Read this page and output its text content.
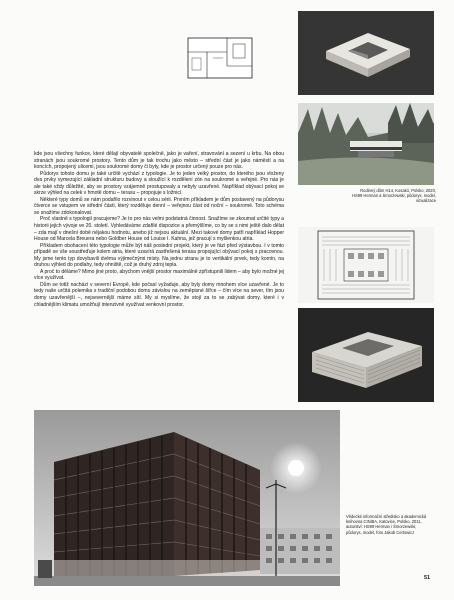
kde jsou všechny funkce, které dělají obyvatelé společně, jako je vaření, stravování a sezení u krbu. Na obou stranách jsou soukromé prostory. Tento dům je tak trochu jako město – střední část je jako náměstí a na koncích, propojený ulicemi, jsou soukromé domy či byty, kde je prostor určený pouze pro nás.

Půdorys tohoto domu je také určitě vychází z typologie. Je to jeden velký prostor, do kterého jsou vloženy dva prvky vymezující základní strukturu budovy a sloužící k rozdělení zón na soukromé a veřejné. Pro nás je ale také vždy důležité, aby se prostory vzájemně prostupovaly a nebyly uzavřené. Například obývací pokoj se skrze výhled na celek v hmotě domu – terasu – propojuje s ložnicí.

Některé typy domů se nám podařilo rozvinout v celou sérii. Prvním příkladem je dům postavený na půdorysu čtverce se vstupem ve střední části, který rozděluje denní – veřejnou část od noční – soukromé. Toto schéma se snažíme zdokonalovat.

Proč vlastně s typologií pracujeme? Je to pro nás velmi podstatná činnost. Snažíme se zkoumat určité typy a historii jejich vývoje ve 20. století. Vyhledáváme zdařilé dispozice a přemýšlíme, co by se s nimi ještě dalo dělat – zda mají v dnešní době nějakou hodnotu, anebo již nejsou aktuální. Mezi takové domy patří například Hopper House od Marcela Breuera nebo Goldber House od Louise I. Kahna, jež pracují s myšlenkou atria.

Příkladem obohacení této typologie může být náš poslední projekt, který je ve fázi před výstavbou. I v tomto případě se vše soustřeďuje kolem atria, které uzavírá zastřešená terasa propojující obývací pokoj s pracovnou. My jsme tento typ dovybavili dvěma výjimečnými místy. Na jednu stranu je to vertikální prvek, tedy komín, na druhou výhled do podlahy, tedy ohniště, což je druhý zdroj tepla.

A proč to děláme? Mimo jiné proto, abychom vnější prostor maximálně zpřístupnili lidem – aby bylo možné jej více využívat.

Dům se totiž nachází v severní Evropě, kde počasí vyžaduje, aby byly domy mnohem více uzavřené. Je to tedy naše určitá polemika s tradiční podobou domu závislou na zeměpisné šířce – čím více na sever, tím jsou domy uzavřenější –, nejsevernější máme sítí. My si myslíme, že stojí za to se zabývat domy, které i v chladnějším klimatu umožňují intenzivně využívat venkovní prostor.

Rodinný dům H14, Kosakó, Polsko, 2020,
HS99 Herman a Śmorzewski, půdorys, model, vizualizace
Vědecké informační středisko a akademická
knihovna CINiBA, Katovice, Polsko, 2011,
autorství: HS99 Herman i Śmorzewski,
půdorys, model, foto Jakub Certowicz
51
